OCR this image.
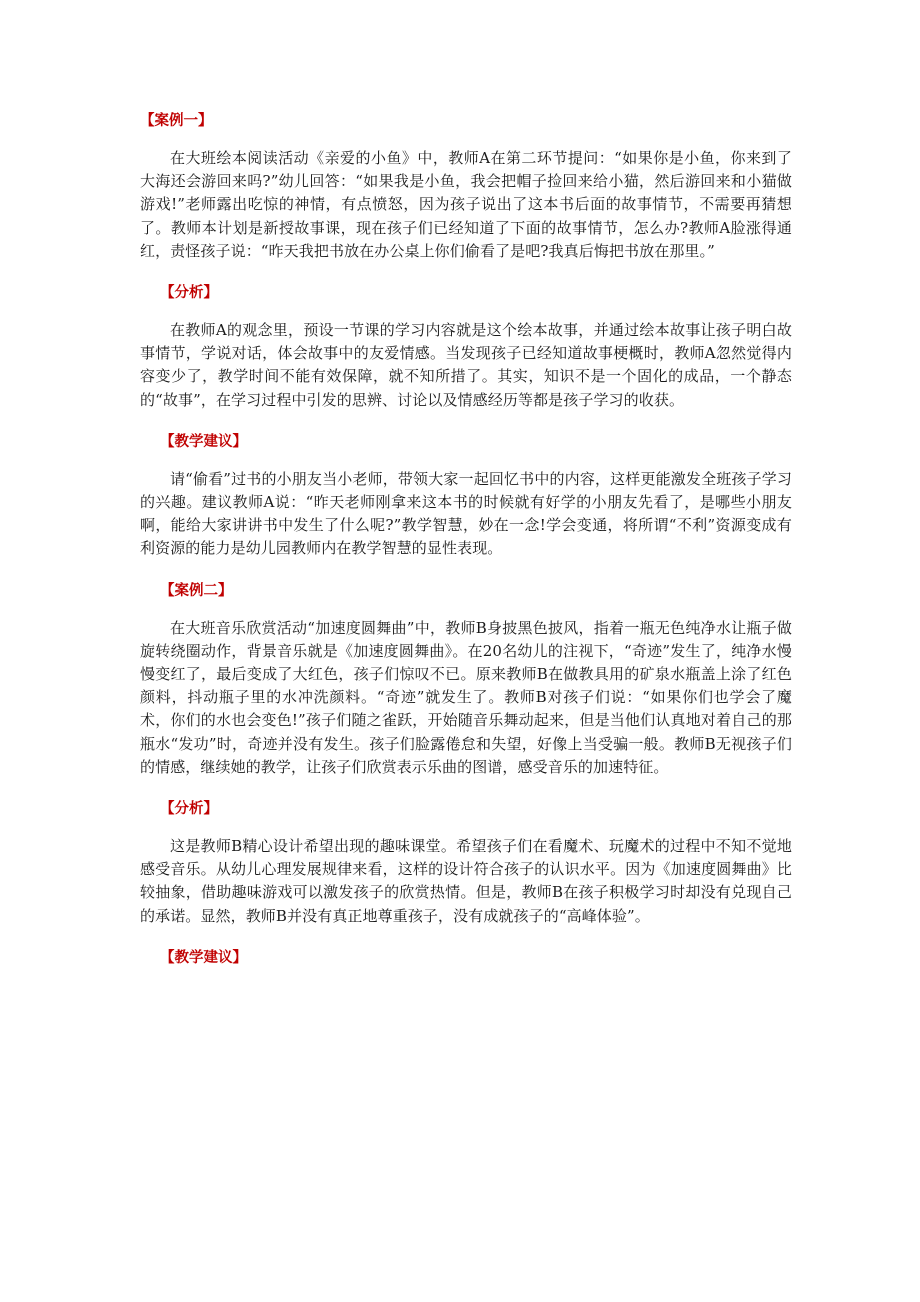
【案例一】

在大班绘本阅读活动《亲爱的小鱼》中，教师A在第二环节提问：“如果你是小鱼，你来到了大海还会游回来吗?”幼儿回答：“如果我是小鱼，我会把帽子捡回来给小猫，然后游回来和小猫做游戏!”老师露出吃惊的神情，有点愤怒，因为孩子说出了这本书后面的故事情节，不需要再猜想了。教师本计划是新授故事课，现在孩子们已经知道了下面的故事情节，怎么办?教师A脸涨得通红，责怪孩子说：“昨天我把书放在办公桌上你们偷看了是吧?我真后悔把书放在那里。”

【分析】

在教师A的观念里，预设一节课的学习内容就是这个绘本故事，并通过绘本故事让孩子明白故事情节，学说对话，体会故事中的友爱情感。当发现孩子已经知道故事梗概时，教师A忽然觉得内容变少了，教学时间不能有效保障，就不知所措了。其实，知识不是一个固化的成品，一个静态的“故事”，在学习过程中引发的思辨、讨论以及情感经历等都是孩子学习的收获。

【教学建议】

请“偷看”过书的小朋友当小老师，带领大家一起回忆书中的内容，这样更能激发全班孩子学习的兴趣。建议教师A说：“昨天老师刚拿来这本书的时候就有好学的小朋友先看了，是哪些小朋友啊，能给大家讲讲书中发生了什么呢?”教学智慧，妙在一念!学会变通，将所谓“不利”资源变成有利资源的能力是幼儿园教师内在教学智慧的显性表现。

【案例二】

在大班音乐欣赏活动“加速度圆舞曲”中，教师B身披黑色披风，指着一瓶无色纯净水让瓶子做旋转绕圈动作，背景音乐就是《加速度圆舞曲》。在20名幼儿的注视下，“奇迹”发生了，纯净水慢慢变红了，最后变成了大红色，孩子们惊叹不已。原来教师B在做教具用的矿泉水瓶盖上涂了红色颜料，抖动瓶子里的水冲洗颜料。“奇迹”就发生了。教师B对孩子们说：“如果你们也学会了魔术，你们的水也会变色!”孩子们随之雀跃，开始随音乐舞动起来，但是当他们认真地对着自己的那瓶水“发功”时，奇迹并没有发生。孩子们脸露倦怠和失望，好像上当受骗一般。教师B无视孩子们的情感，继续她的教学，让孩子们欣赏表示乐曲的图谱，感受音乐的加速特征。

【分析】

这是教师B精心设计希望出现的趣味课堂。希望孩子们在看魔术、玩魔术的过程中不知不觉地感受音乐。从幼儿心理发展规律来看，这样的设计符合孩子的认识水平。因为《加速度圆舞曲》比较抽象，借助趣味游戏可以激发孩子的欣赏热情。但是，教师B在孩子积极学习时却没有兑现自己的承诺。显然，教师B并没有真正地尊重孩子，没有成就孩子的“高峰体验”。

【教学建议】
